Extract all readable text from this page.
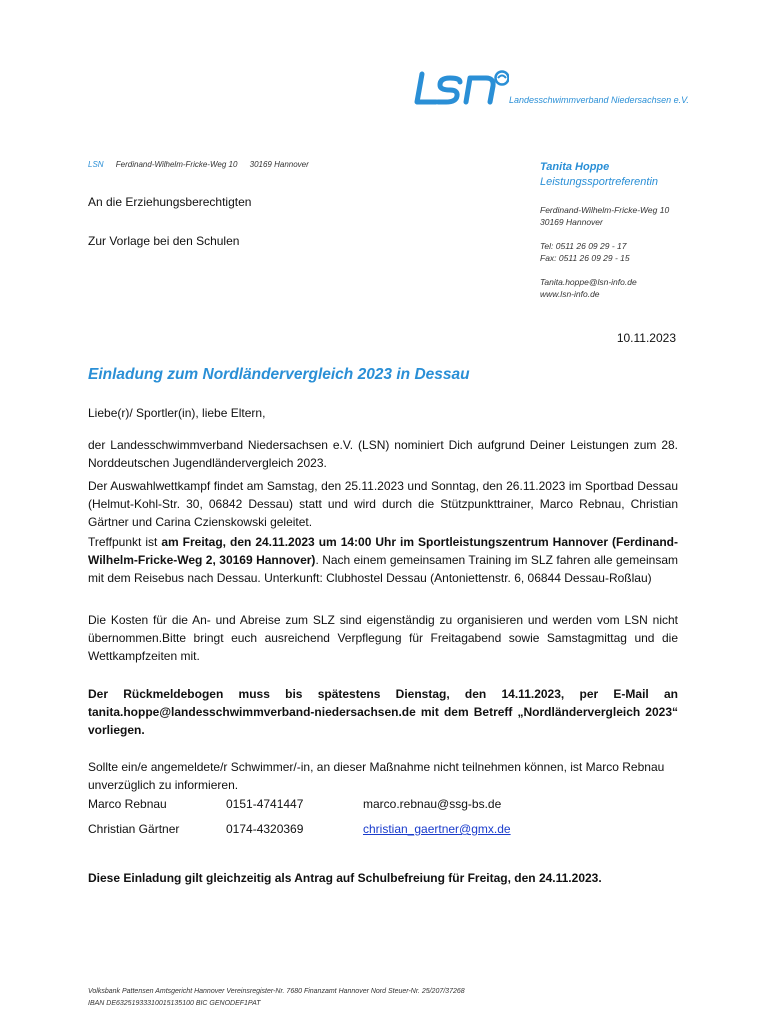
Landesschwimmverband Niedersachsen e.V.
LSN Ferdinand-Wilhelm-Fricke-Weg 10 30169 Hannover
An die Erziehungsberechtigten
Zur Vorlage bei den Schulen
Tanita Hoppe
Leistungssportreferentin
Ferdinand-Wilhelm-Fricke-Weg 10
30169 Hannover
Tel: 0511 26 09 29 - 17
Fax: 0511 26 09 29 - 15
Tanita.hoppe@lsn-info.de
www.lsn-info.de
10.11.2023
Einladung zum Nordländervergleich 2023 in Dessau
Liebe(r)/ Sportler(in), liebe Eltern,
der Landesschwimmverband Niedersachsen e.V. (LSN) nominiert Dich aufgrund Deiner Leistungen zum 28. Norddeutschen Jugendländervergleich 2023.
Der Auswahlwettkampf findet am Samstag, den 25.11.2023 und Sonntag, den 26.11.2023 im Sportbad Dessau (Helmut-Kohl-Str. 30, 06842 Dessau) statt und wird durch die Stützpunkttrainer, Marco Rebnau, Christian Gärtner und Carina Czienskowski geleitet.
Treffpunkt ist am Freitag, den 24.11.2023 um 14:00 Uhr im Sportleistungszentrum Hannover (Ferdinand-Wilhelm-Fricke-Weg 2, 30169 Hannover). Nach einem gemeinsamen Training im SLZ fahren alle gemeinsam mit dem Reisebus nach Dessau. Unterkunft: Clubhostel Dessau (Antoniettenstr. 6, 06844 Dessau-Roßlau)
Die Kosten für die An- und Abreise zum SLZ sind eigenständig zu organisieren und werden vom LSN nicht übernommen.Bitte bringt euch ausreichend Verpflegung für Freitagabend sowie Samstagmittag und die Wettkampfzeiten mit.
Der Rückmeldebogen muss bis spätestens Dienstag, den 14.11.2023, per E-Mail an tanita.hoppe@landesschwimmverband-niedersachsen.de mit dem Betreff „Nordländervergleich 2023“ vorliegen.
Sollte ein/e angemeldete/r Schwimmer/-in, an dieser Maßnahme nicht teilnehmen können, ist Marco Rebnau unverzüglich zu informieren.
Marco Rebnau	0151-4741447	marco.rebnau@ssg-bs.de
Christian Gärtner	0174-4320369	christian_gaertner@gmx.de
Diese Einladung gilt gleichzeitig als Antrag auf Schulbefreiung für Freitag, den 24.11.2023.
Volksbank Pattensen Amtsgericht Hannover Vereinsregister-Nr. 7680 Finanzamt Hannover Nord Steuer-Nr. 25/207/37268
IBAN DE63251933310015135100 BIC GENODEF1PAT
